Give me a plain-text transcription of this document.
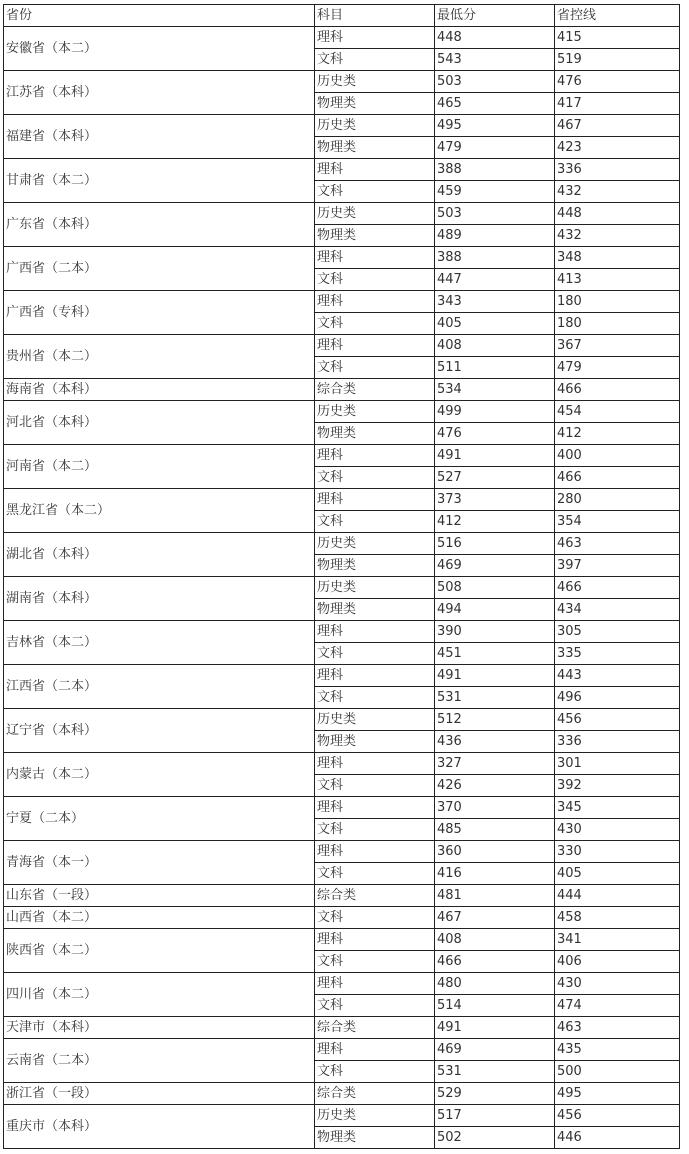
省份	科目	最低分	省控线
安徽省（本二）	理科	448	415
	文科	543	519
江苏省（本科）	历史类	503	476
	物理类	465	417
福建省（本科）	历史类	495	467
	物理类	479	423
甘肃省（本二）	理科	388	336
	文科	459	432
广东省（本科）	历史类	503	448
	物理类	489	432
广西省（二本）	理科	388	348
	文科	447	413
广西省（专科）	理科	343	180
	文科	405	180
贵州省（本二）	理科	408	367
	文科	511	479
海南省（本科）	综合类	534	466
河北省（本科）	历史类	499	454
	物理类	476	412
河南省（本二）	理科	491	400
	文科	527	466
黑龙江省（本二）	理科	373	280
	文科	412	354
湖北省（本科）	历史类	516	463
	物理类	469	397
湖南省（本科）	历史类	508	466
	物理类	494	434
吉林省（本二）	理科	390	305
	文科	451	335
江西省（二本）	理科	491	443
	文科	531	496
辽宁省（本科）	历史类	512	456
	物理类	436	336
内蒙古（本二）	理科	327	301
	文科	426	392
宁夏（二本）	理科	370	345
	文科	485	430
青海省（本一）	理科	360	330
	文科	416	405
山东省（一段）	综合类	481	444
山西省（本二）	文科	467	458
陕西省（本二）	理科	408	341
	文科	466	406
四川省（本二）	理科	480	430
	文科	514	474
天津市（本科）	综合类	491	463
云南省（二本）	理科	469	435
	文科	531	500
浙江省（一段）	综合类	529	495
重庆市（本科）	历史类	517	456
	物理类	502	446
